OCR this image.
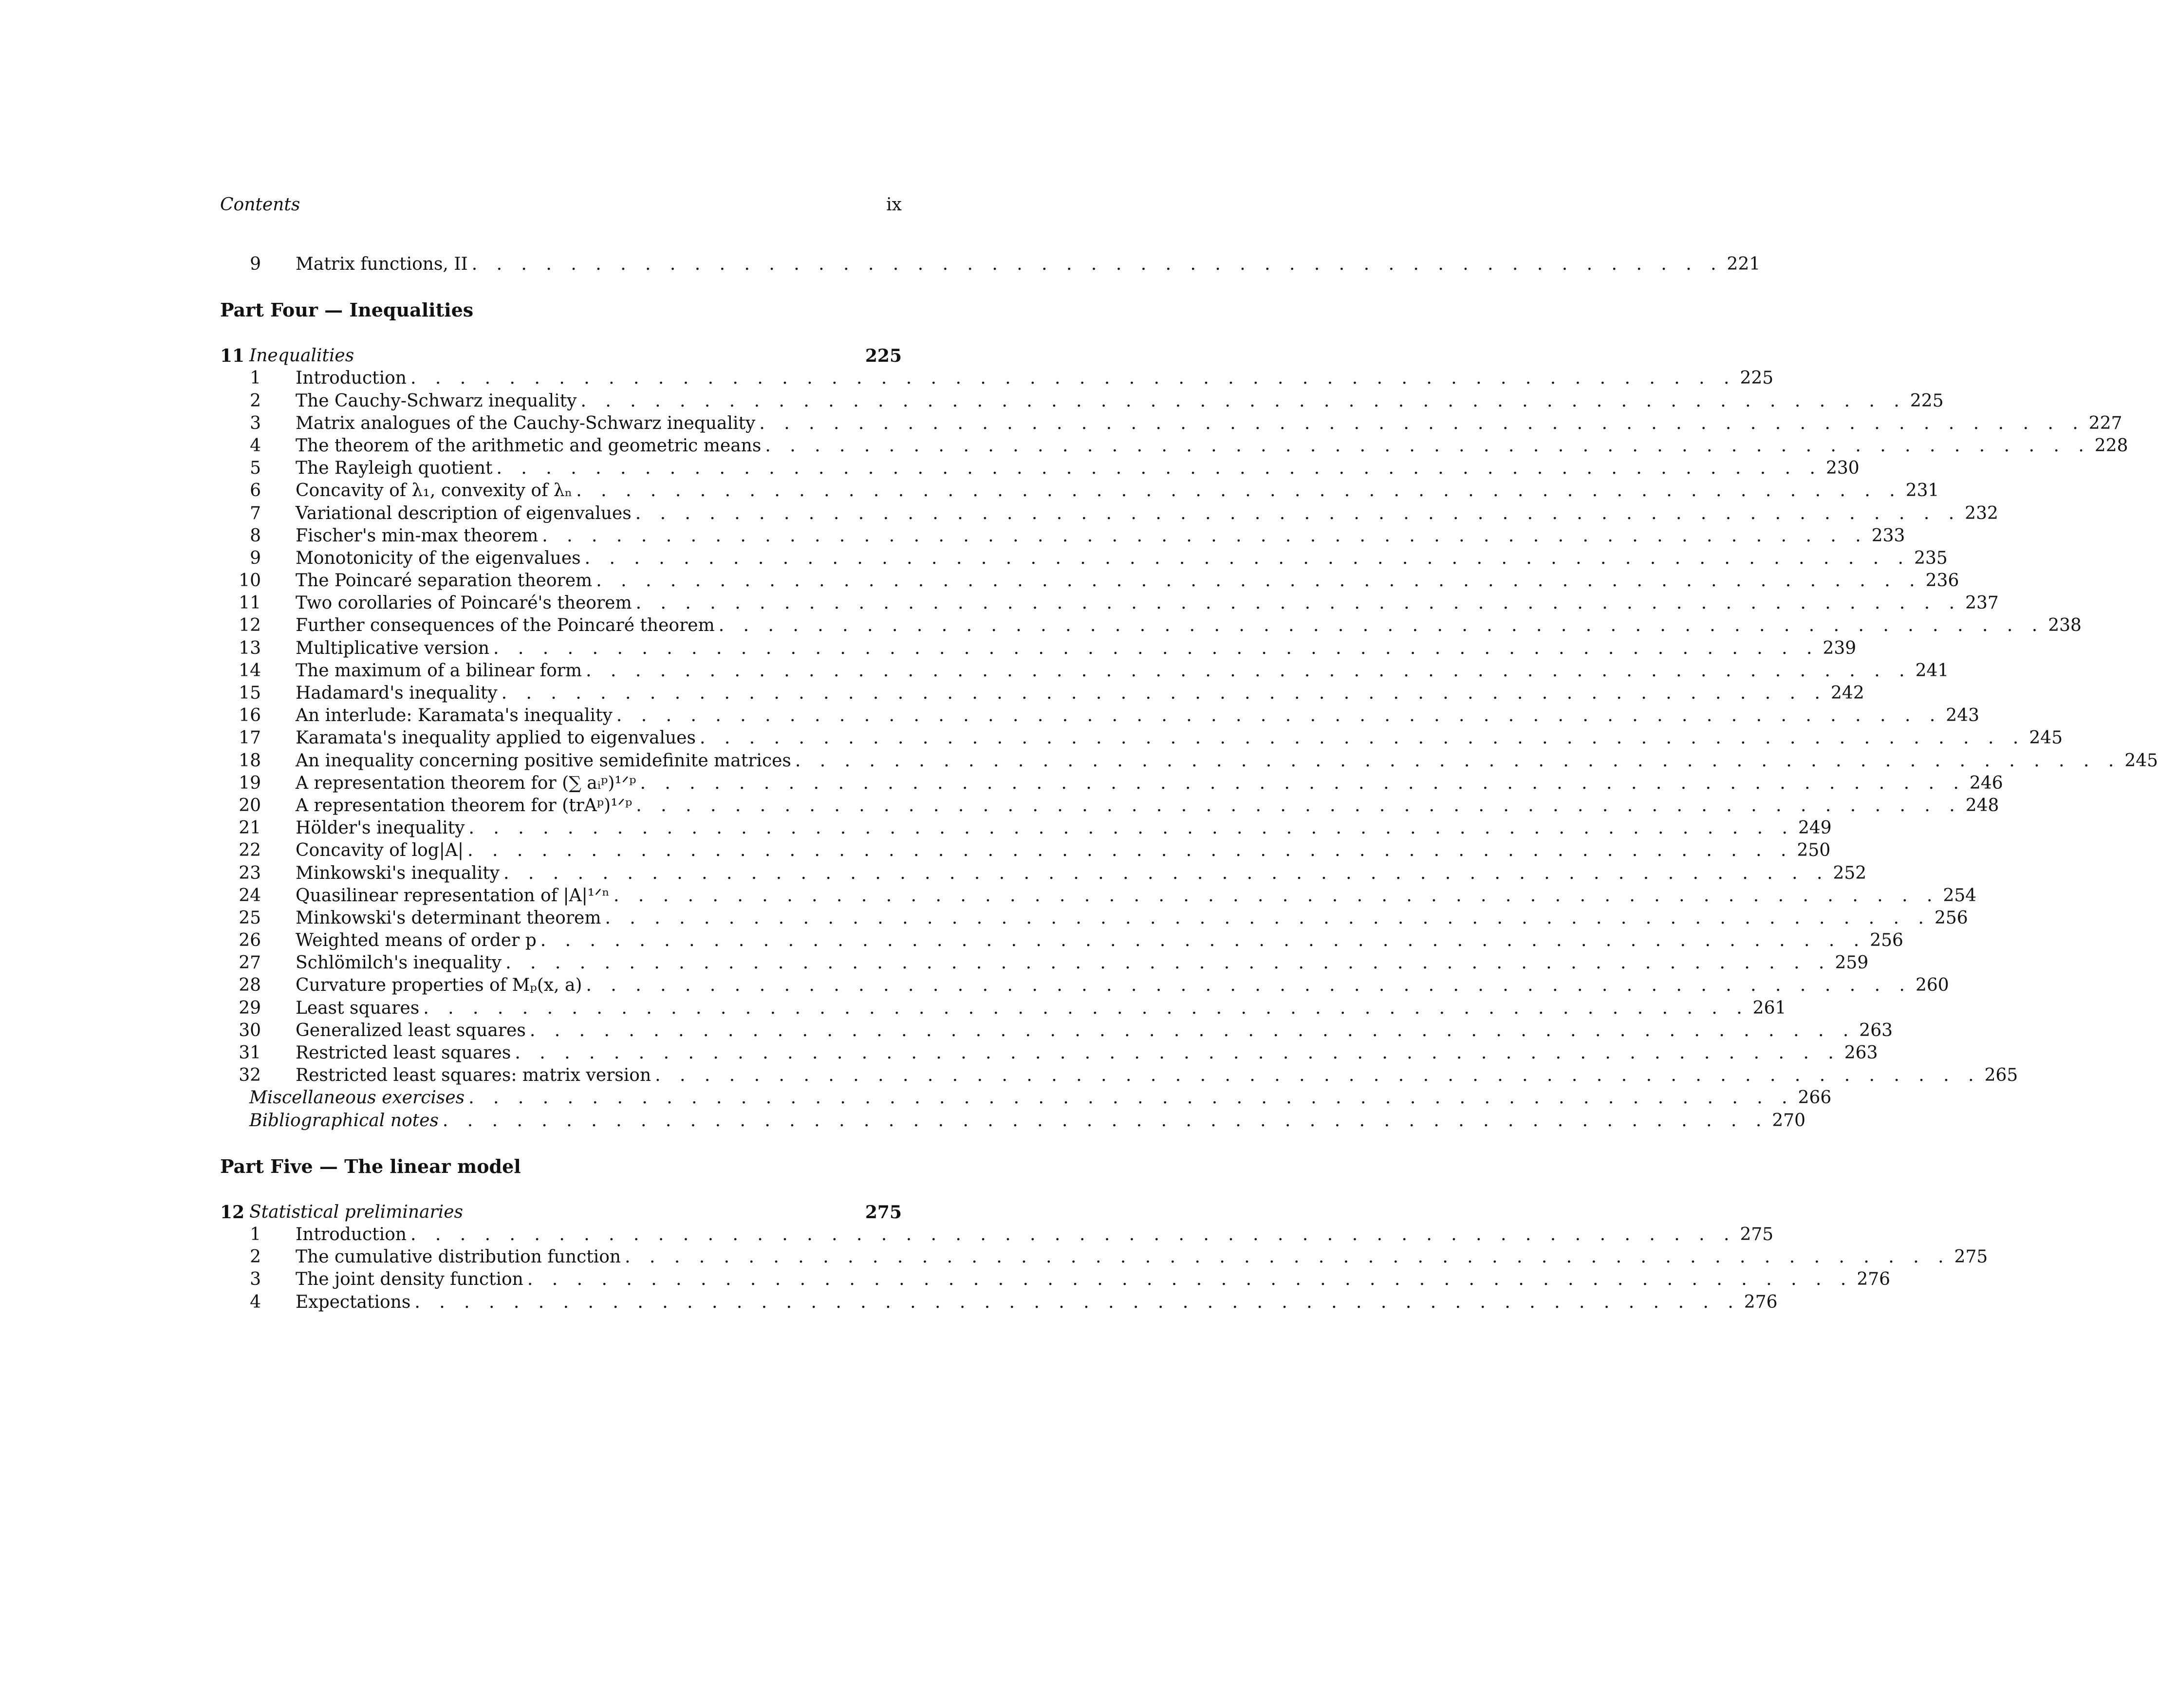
Contents	ix
9 Matrix functions, II . . . . . . . . . . . . . . . . . . . . . . . . . . . . . . . . . . . . . . . . . . . . . . . . . . . 221
Part Four — Inequalities
11 Inequalities	225
1 Introduction . . . . . . . . . . . . . . . . . . . . . . . . . . . . . . . . . . . . . . . . . . . . . . . . . . . . . . 225
2 The Cauchy-Schwarz inequality . . . . . . . . . . . . . . . . . . . . . . . . . . . . . . . . . . . . . . . . . . . . . . . . . . . . . . 225
3 Matrix analogues of the Cauchy-Schwarz inequality . . . . . . . . . . . . . . . . . . . . . . . . . . . . . . . . . . . . . . . . . . . . . . . . . . . . . . 227
4 The theorem of the arithmetic and geometric means . . . . . . . . . . . . . . . . . . . . . . . . . . . . . . . . . . . . . . . . . . . . . . . . . . . . . . 228
5 The Rayleigh quotient . . . . . . . . . . . . . . . . . . . . . . . . . . . . . . . . . . . . . . . . . . . . . . . . . . . . . . 230
6 Concavity of λ₁, convexity of λₙ . . . . . . . . . . . . . . . . . . . . . . . . . . . . . . . . . . . . . . . . . . . . . . . . . . . . . . 231
7 Variational description of eigenvalues . . . . . . . . . . . . . . . . . . . . . . . . . . . . . . . . . . . . . . . . . . . . . . . . . . . . . . 232
8 Fischer's min-max theorem . . . . . . . . . . . . . . . . . . . . . . . . . . . . . . . . . . . . . . . . . . . . . . . . . . . . . . 233
9 Monotonicity of the eigenvalues . . . . . . . . . . . . . . . . . . . . . . . . . . . . . . . . . . . . . . . . . . . . . . . . . . . . . . 235
10 The Poincaré separation theorem . . . . . . . . . . . . . . . . . . . . . . . . . . . . . . . . . . . . . . . . . . . . . . . . . . . . . . 236
11 Two corollaries of Poincaré's theorem . . . . . . . . . . . . . . . . . . . . . . . . . . . . . . . . . . . . . . . . . . . . . . . . . . . . . . 237
12 Further consequences of the Poincaré theorem . . . . . . . . . . . . . . . . . . . . . . . . . . . . . . . . . . . . . . . . . . . . . . . . . . . . . . 238
13 Multiplicative version . . . . . . . . . . . . . . . . . . . . . . . . . . . . . . . . . . . . . . . . . . . . . . . . . . . . . . 239
14 The maximum of a bilinear form . . . . . . . . . . . . . . . . . . . . . . . . . . . . . . . . . . . . . . . . . . . . . . . . . . . . . . 241
15 Hadamard's inequality . . . . . . . . . . . . . . . . . . . . . . . . . . . . . . . . . . . . . . . . . . . . . . . . . . . . . . 242
16 An interlude: Karamata's inequality . . . . . . . . . . . . . . . . . . . . . . . . . . . . . . . . . . . . . . . . . . . . . . . . . . . . . . 243
17 Karamata's inequality applied to eigenvalues . . . . . . . . . . . . . . . . . . . . . . . . . . . . . . . . . . . . . . . . . . . . . . . . . . . . . . 245
18 An inequality concerning positive semidefinite matrices . . . . . . . . . . . . . . . . . . . . . . . . . . . . . . . . . . . . . . . . . . . . . . . . . . . . . . 245
19 A representation theorem for (∑ aᵢᵖ)¹ᐟᵖ . . . . . . . . . . . . . . . . . . . . . . . . . . . . . . . . . . . . . . . . . . . . . . . . . . . . . . 246
20 A representation theorem for (trAᵖ)¹ᐟᵖ . . . . . . . . . . . . . . . . . . . . . . . . . . . . . . . . . . . . . . . . . . . . . . . . . . . . . . 248
21 Hölder's inequality . . . . . . . . . . . . . . . . . . . . . . . . . . . . . . . . . . . . . . . . . . . . . . . . . . . . . . 249
22 Concavity of log|A| . . . . . . . . . . . . . . . . . . . . . . . . . . . . . . . . . . . . . . . . . . . . . . . . . . . . . . 250
23 Minkowski's inequality . . . . . . . . . . . . . . . . . . . . . . . . . . . . . . . . . . . . . . . . . . . . . . . . . . . . . . 252
24 Quasilinear representation of |A|¹ᐟⁿ . . . . . . . . . . . . . . . . . . . . . . . . . . . . . . . . . . . . . . . . . . . . . . . . . . . . . . 254
25 Minkowski's determinant theorem . . . . . . . . . . . . . . . . . . . . . . . . . . . . . . . . . . . . . . . . . . . . . . . . . . . . . . 256
26 Weighted means of order p . . . . . . . . . . . . . . . . . . . . . . . . . . . . . . . . . . . . . . . . . . . . . . . . . . . . . . 256
27 Schlömilch's inequality . . . . . . . . . . . . . . . . . . . . . . . . . . . . . . . . . . . . . . . . . . . . . . . . . . . . . . 259
28 Curvature properties of Mₚ(x, a) . . . . . . . . . . . . . . . . . . . . . . . . . . . . . . . . . . . . . . . . . . . . . . . . . . . . . . 260
29 Least squares . . . . . . . . . . . . . . . . . . . . . . . . . . . . . . . . . . . . . . . . . . . . . . . . . . . . . . 261
30 Generalized least squares . . . . . . . . . . . . . . . . . . . . . . . . . . . . . . . . . . . . . . . . . . . . . . . . . . . . . . 263
31 Restricted least squares . . . . . . . . . . . . . . . . . . . . . . . . . . . . . . . . . . . . . . . . . . . . . . . . . . . . . . 263
32 Restricted least squares: matrix version . . . . . . . . . . . . . . . . . . . . . . . . . . . . . . . . . . . . . . . . . . . . . . . . . . . . . . 265
Miscellaneous exercises . . . . . . . . . . . . . . . . . . . . . . . . . . . . . . . . . . . . . . . . . . . . . . . . . . . . . . 266
Bibliographical notes . . . . . . . . . . . . . . . . . . . . . . . . . . . . . . . . . . . . . . . . . . . . . . . . . . . . . . 270
Part Five — The linear model
12 Statistical preliminaries	275
1 Introduction . . . . . . . . . . . . . . . . . . . . . . . . . . . . . . . . . . . . . . . . . . . . . . . . . . . . . . 275
2 The cumulative distribution function . . . . . . . . . . . . . . . . . . . . . . . . . . . . . . . . . . . . . . . . . . . . . . . . . . . . . . 275
3 The joint density function . . . . . . . . . . . . . . . . . . . . . . . . . . . . . . . . . . . . . . . . . . . . . . . . . . . . . . 276
4 Expectations . . . . . . . . . . . . . . . . . . . . . . . . . . . . . . . . . . . . . . . . . . . . . . . . . . . . . . 276
